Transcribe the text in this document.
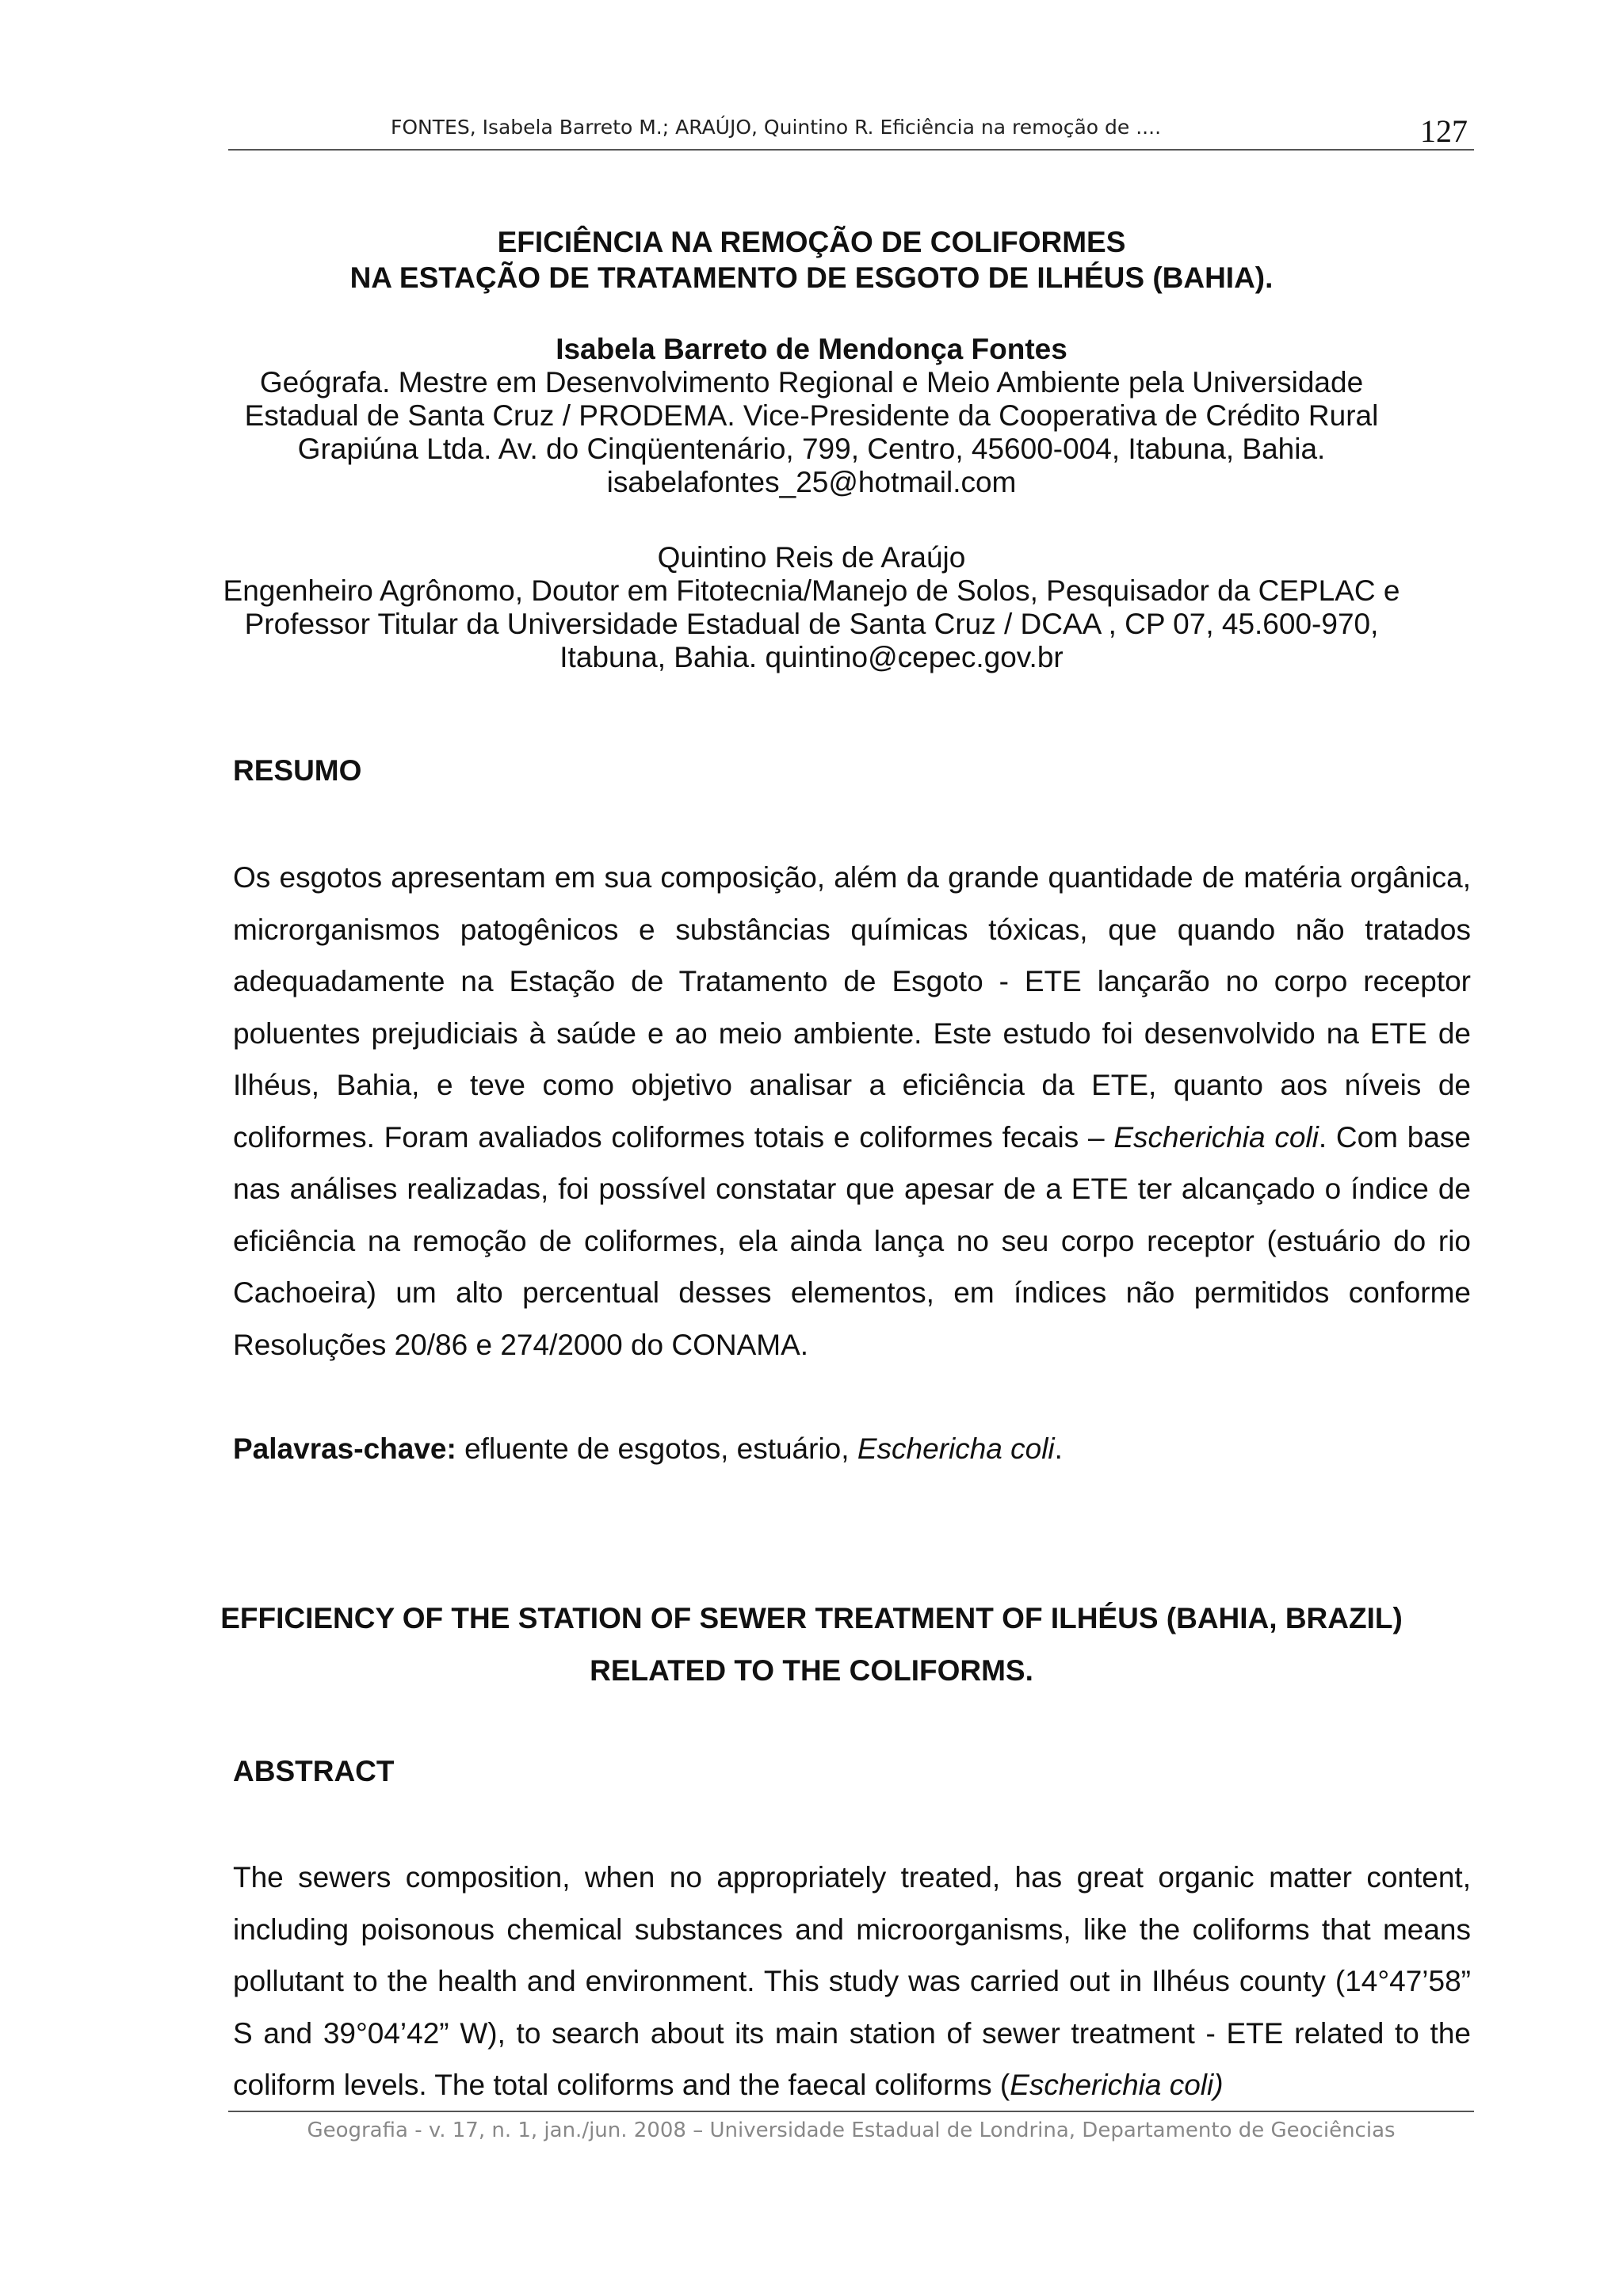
FONTES, Isabela Barreto M.; ARAÚJO, Quintino R. Eficiência na remoção de ....	127
EFICIÊNCIA NA REMOÇÃO DE COLIFORMES
NA ESTAÇÃO DE TRATAMENTO DE ESGOTO DE ILHÉUS (BAHIA).
Isabela Barreto de Mendonça Fontes
Geógrafa. Mestre em Desenvolvimento Regional e Meio Ambiente pela Universidade
Estadual de Santa Cruz / PRODEMA. Vice-Presidente da Cooperativa de Crédito Rural
Grapiúna Ltda. Av. do Cinqüentenário, 799, Centro, 45600-004, Itabuna, Bahia.
isabelafontes_25@hotmail.com
Quintino Reis de Araújo
Engenheiro Agrônomo, Doutor em Fitotecnia/Manejo de Solos, Pesquisador da CEPLAC e
Professor Titular da Universidade Estadual de Santa Cruz / DCAA , CP 07, 45.600-970,
Itabuna, Bahia. quintino@cepec.gov.br
RESUMO
Os esgotos apresentam em sua composição, além da grande quantidade de matéria orgânica, microrganismos patogênicos e substâncias químicas tóxicas, que quando não tratados adequadamente na Estação de Tratamento de Esgoto - ETE lançarão no corpo receptor poluentes prejudiciais à saúde e ao meio ambiente. Este estudo foi desenvolvido na ETE de Ilhéus, Bahia, e teve como objetivo analisar a eficiência da ETE, quanto aos níveis de coliformes. Foram avaliados coliformes totais e coliformes fecais – Escherichia coli. Com base nas análises realizadas, foi possível constatar que apesar de a ETE ter alcançado o índice de eficiência na remoção de coliformes, ela ainda lança no seu corpo receptor (estuário do rio Cachoeira) um alto percentual desses elementos, em índices não permitidos conforme Resoluções 20/86 e 274/2000 do CONAMA.
Palavras-chave: efluente de esgotos, estuário, Eschericha coli.
EFFICIENCY OF THE STATION OF SEWER TREATMENT OF ILHÉUS (BAHIA, BRAZIL)
RELATED TO THE COLIFORMS.
ABSTRACT
The sewers composition, when no appropriately treated, has great organic matter content, including poisonous chemical substances and microorganisms, like the coliforms that means pollutant to the health and environment. This study was carried out in Ilhéus county (14°47’58” S and 39°04’42” W), to search about its main station of sewer treatment - ETE related to the coliform levels. The total coliforms and the faecal coliforms (Escherichia coli)
Geografia - v. 17, n. 1, jan./jun. 2008 – Universidade Estadual de Londrina, Departamento de Geociências
